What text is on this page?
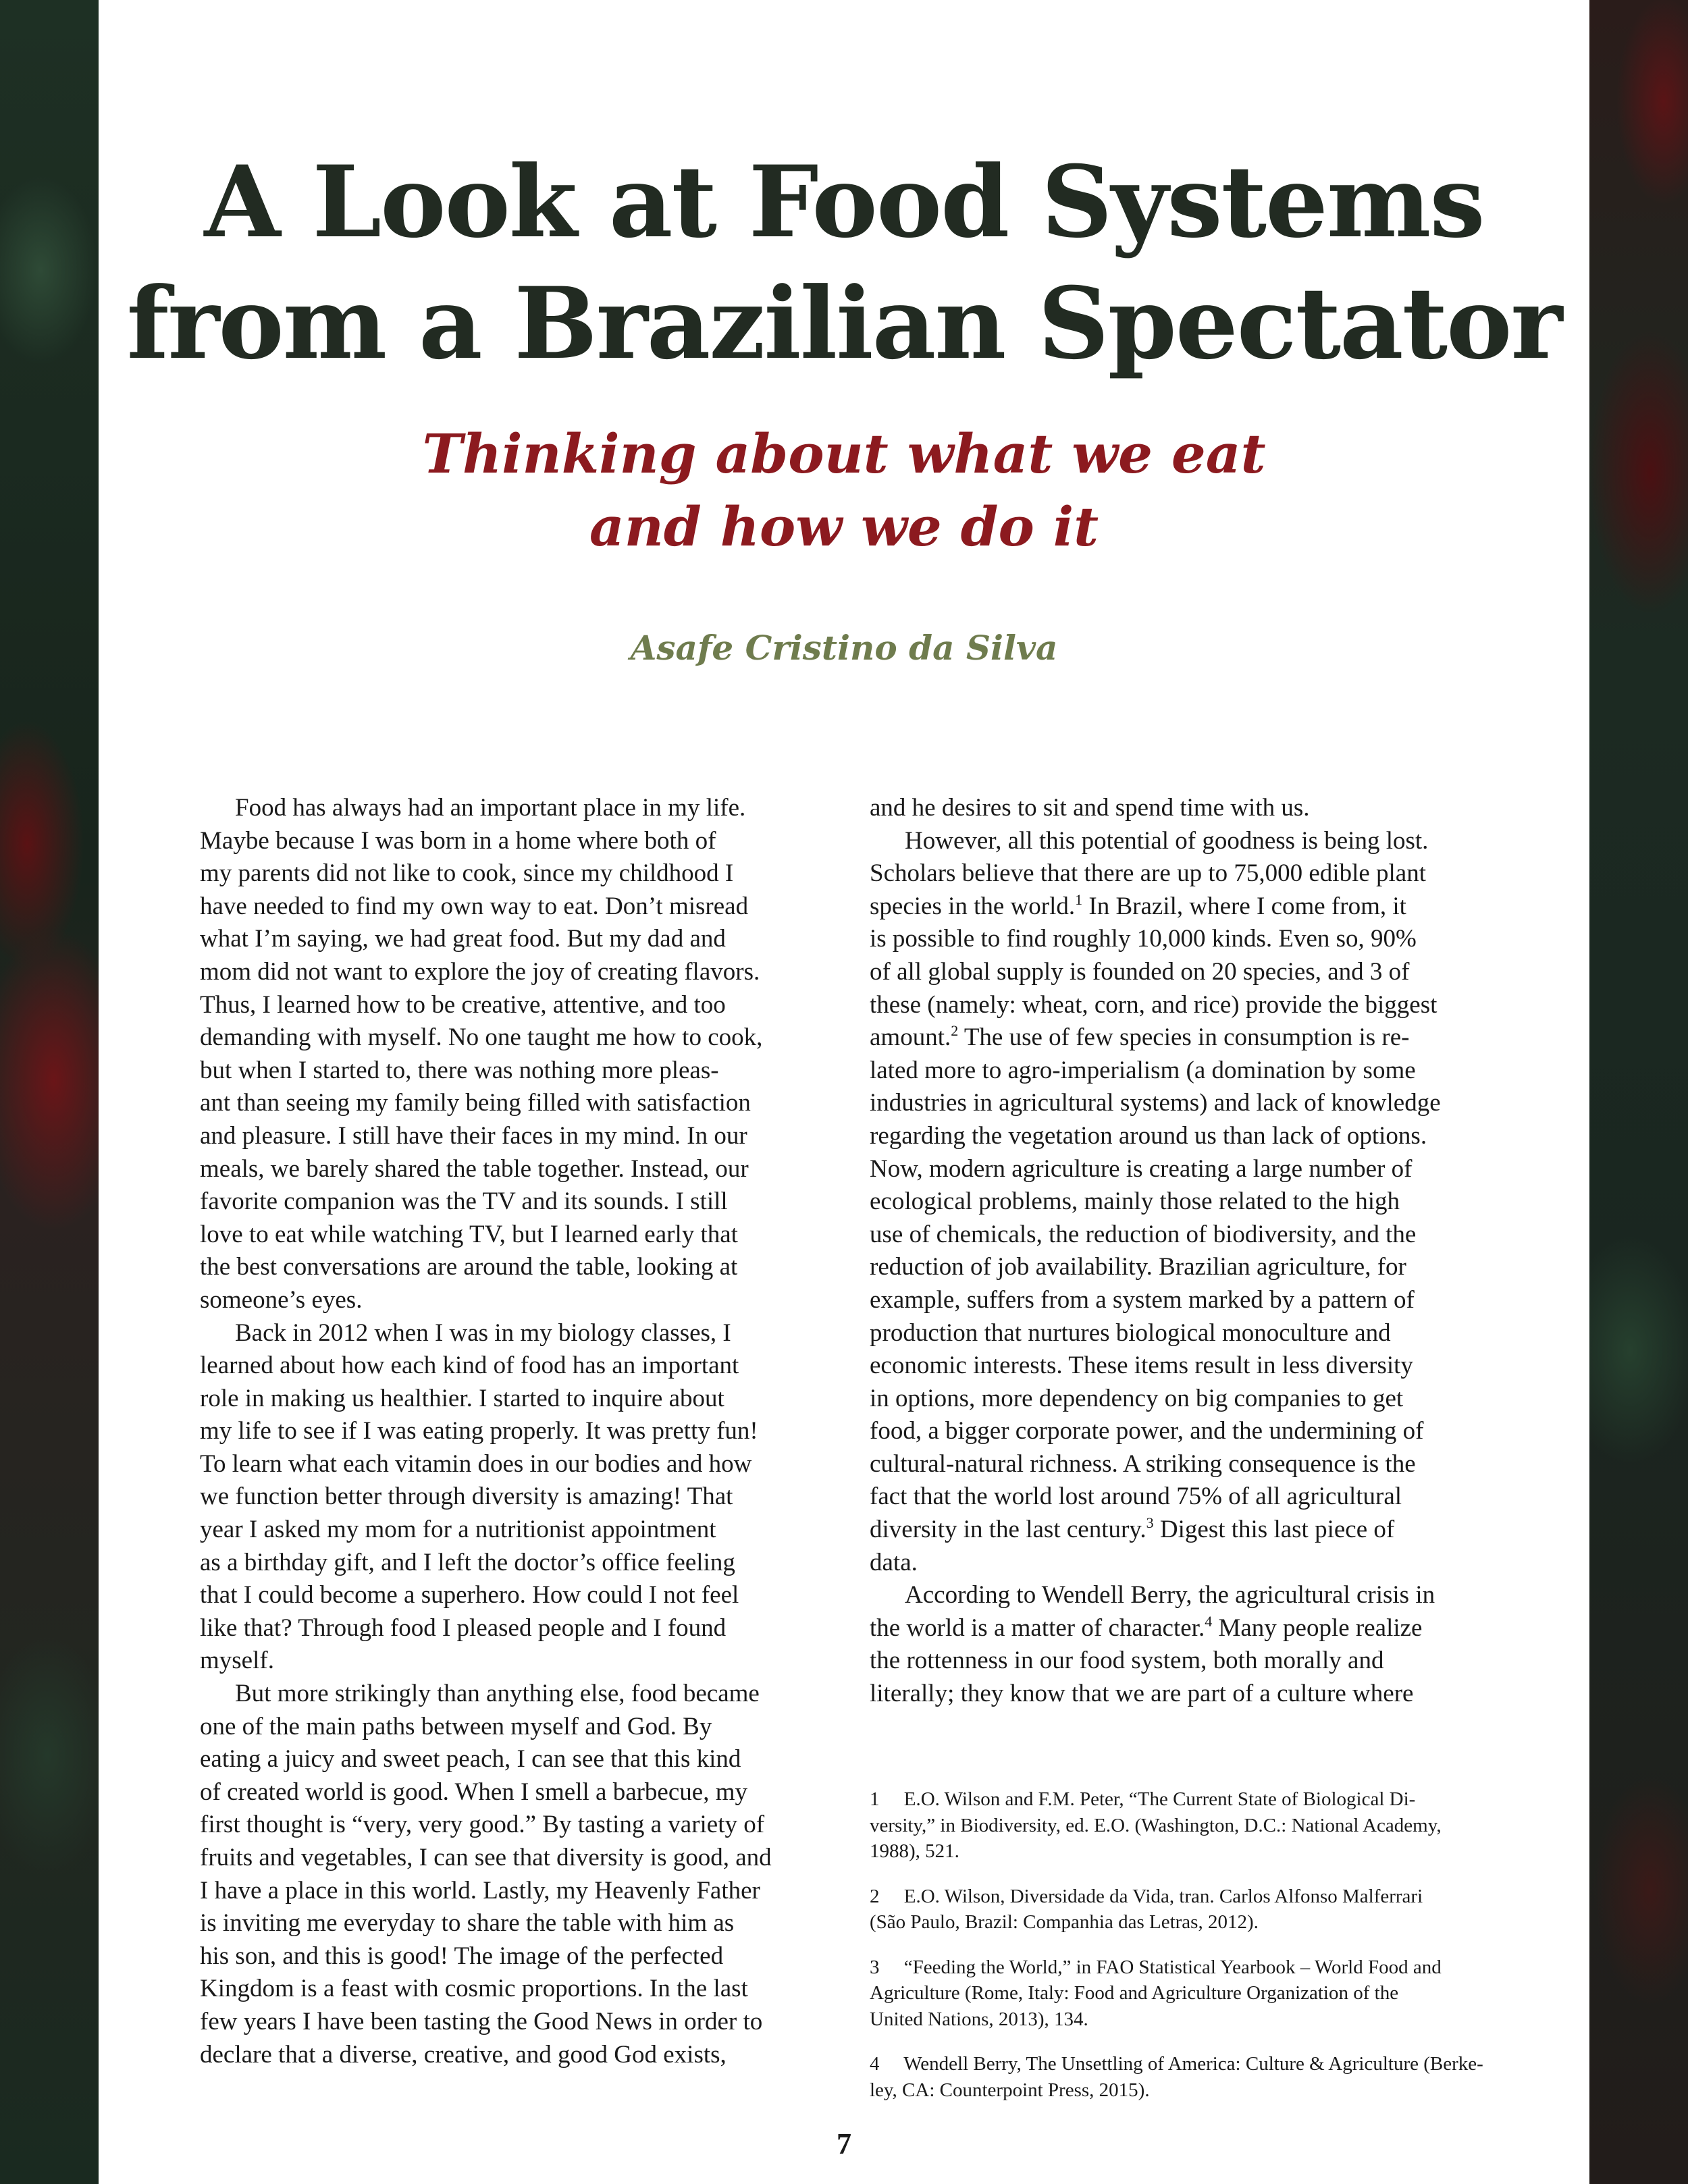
A Look at Food Systems
from a Brazilian Spectator
Thinking about what we eat
and how we do it
Asafe Cristino da Silva
Food has always had an important place in my life.
Maybe because I was born in a home where both of
my parents did not like to cook, since my childhood I
have needed to find my own way to eat. Don’t misread
what I’m saying, we had great food. But my dad and
mom did not want to explore the joy of creating flavors.
Thus, I learned how to be creative, attentive, and too
demanding with myself. No one taught me how to cook,
but when I started to, there was nothing more pleas-
ant than seeing my family being filled with satisfaction
and pleasure. I still have their faces in my mind. In our
meals, we barely shared the table together. Instead, our
favorite companion was the TV and its sounds. I still
love to eat while watching TV, but I learned early that
the best conversations are around the table, looking at
someone’s eyes.
Back in 2012 when I was in my biology classes, I
learned about how each kind of food has an important
role in making us healthier. I started to inquire about
my life to see if I was eating properly. It was pretty fun!
To learn what each vitamin does in our bodies and how
we function better through diversity is amazing! That
year I asked my mom for a nutritionist appointment
as a birthday gift, and I left the doctor’s office feeling
that I could become a superhero. How could I not feel
like that? Through food I pleased people and I found
myself.
But more strikingly than anything else, food became
one of the main paths between myself and God. By
eating a juicy and sweet peach, I can see that this kind
of created world is good. When I smell a barbecue, my
first thought is “very, very good.” By tasting a variety of
fruits and vegetables, I can see that diversity is good, and
I have a place in this world. Lastly, my Heavenly Father
is inviting me everyday to share the table with him as
his son, and this is good! The image of the perfected
Kingdom is a feast with cosmic proportions. In the last
few years I have been tasting the Good News in order to
declare that a diverse, creative, and good God exists,
and he desires to sit and spend time with us.
However, all this potential of goodness is being lost.
Scholars believe that there are up to 75,000 edible plant
species in the world.$^1$ In Brazil, where I come from, it
is possible to find roughly 10,000 kinds. Even so, 90%
of all global supply is founded on 20 species, and 3 of
these (namely: wheat, corn, and rice) provide the biggest
amount.$^2$ The use of few species in consumption is re-
lated more to agro-imperialism (a domination by some
industries in agricultural systems) and lack of knowledge
regarding the vegetation around us than lack of options.
Now, modern agriculture is creating a large number of
ecological problems, mainly those related to the high
use of chemicals, the reduction of biodiversity, and the
reduction of job availability. Brazilian agriculture, for
example, suffers from a system marked by a pattern of
production that nurtures biological monoculture and
economic interests. These items result in less diversity
in options, more dependency on big companies to get
food, a bigger corporate power, and the undermining of
cultural-natural richness. A striking consequence is the
fact that the world lost around 75% of all agricultural
diversity in the last century.$^3$ Digest this last piece of
data.
According to Wendell Berry, the agricultural crisis in
the world is a matter of character.$^4$ Many people realize
the rottenness in our food system, both morally and
literally; they know that we are part of a culture where
1     E.O. Wilson and F.M. Peter, “The Current State of Biological Di-
versity,” in Biodiversity, ed. E.O. (Washington, D.C.: National Academy,
1988), 521.
2     E.O. Wilson, Diversidade da Vida, tran. Carlos Alfonso Malferrari
(São Paulo, Brazil: Companhia das Letras, 2012).
3     “Feeding the World,” in FAO Statistical Yearbook – World Food and
Agriculture (Rome, Italy: Food and Agriculture Organization of the
United Nations, 2013), 134.
4     Wendell Berry, The Unsettling of America: Culture & Agriculture (Berke-
ley, CA: Counterpoint Press, 2015).
7
